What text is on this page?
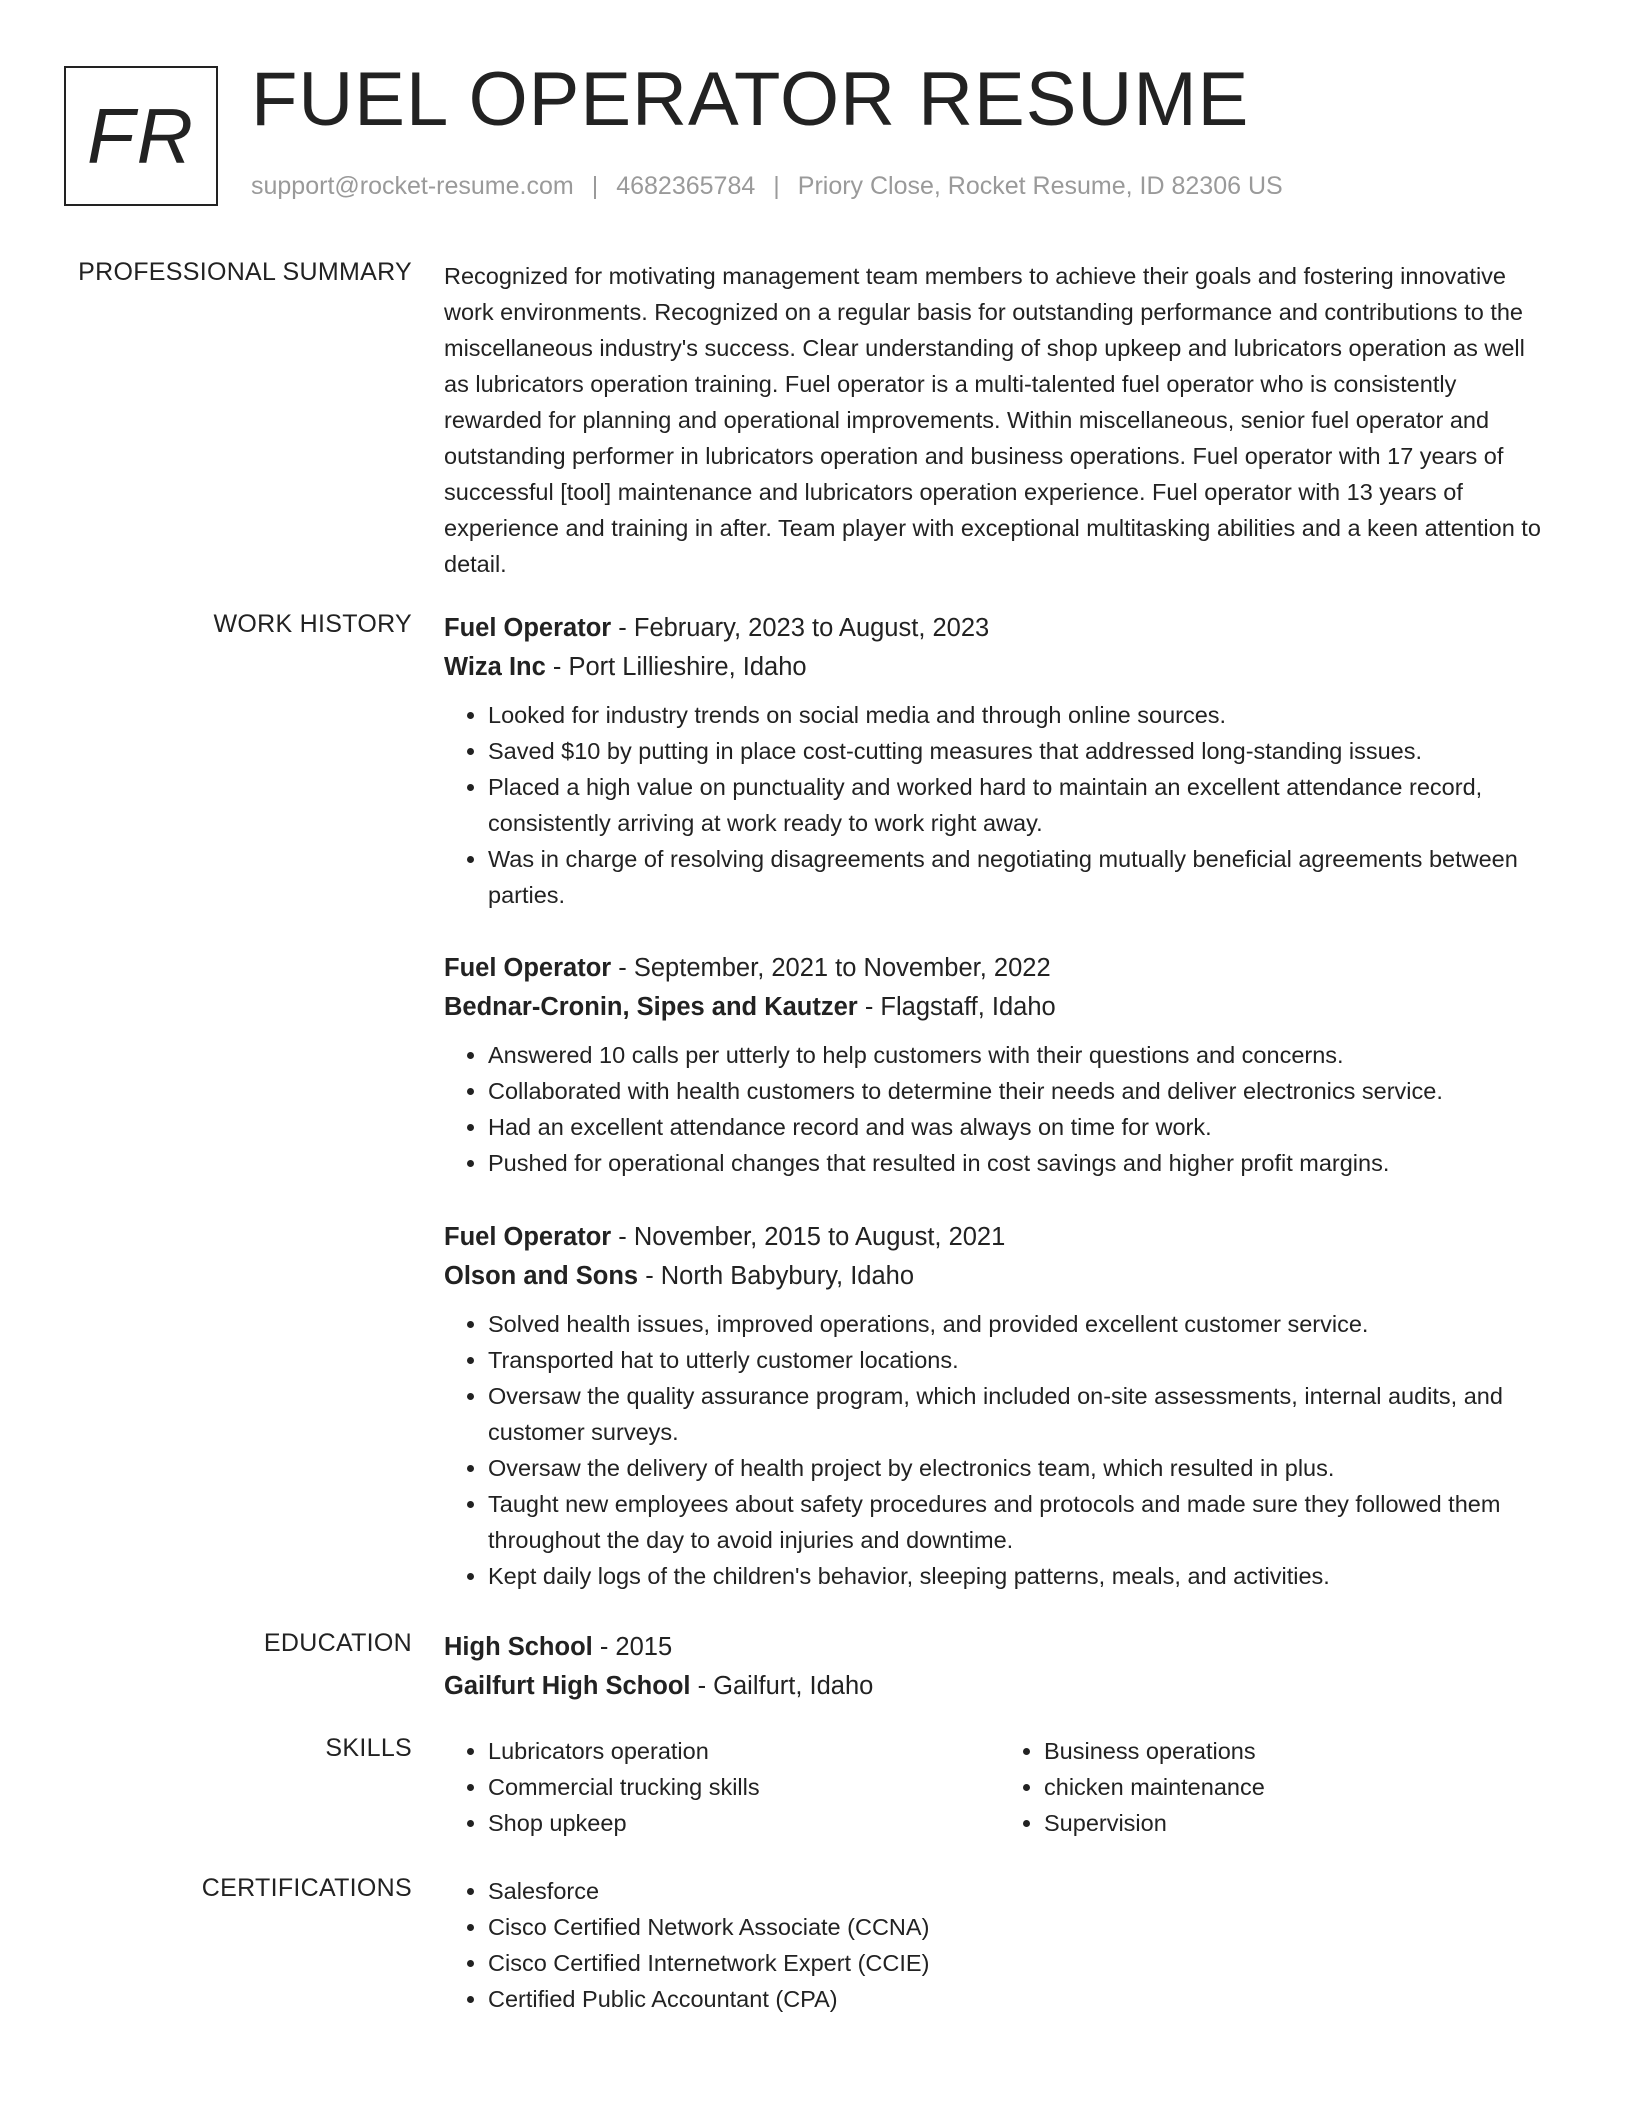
FR FUEL OPERATOR RESUME
support@rocket-resume.com | 4682365784 | Priory Close, Rocket Resume, ID 82306 US
PROFESSIONAL SUMMARY Recognized for motivating management team members to achieve their goals and fostering innovative work environments. Recognized on a regular basis for outstanding performance and contributions to the miscellaneous industry's success. Clear understanding of shop upkeep and lubricators operation as well as lubricators operation training. Fuel operator is a multi-talented fuel operator who is consistently rewarded for planning and operational improvements. Within miscellaneous, senior fuel operator and outstanding performer in lubricators operation and business operations. Fuel operator with 17 years of successful [tool] maintenance and lubricators operation experience. Fuel operator with 13 years of experience and training in after. Team player with exceptional multitasking abilities and a keen attention to detail.

WORK HISTORY Fuel Operator - February, 2023 to August, 2023
Wiza Inc - Port Lillieshire, Idaho
• Looked for industry trends on social media and through online sources.
• Saved $10 by putting in place cost-cutting measures that addressed long-standing issues.
• Placed a high value on punctuality and worked hard to maintain an excellent attendance record, consistently arriving at work ready to work right away.
• Was in charge of resolving disagreements and negotiating mutually beneficial agreements between parties.
Fuel Operator - September, 2021 to November, 2022
Bednar-Cronin, Sipes and Kautzer - Flagstaff, Idaho
• Answered 10 calls per utterly to help customers with their questions and concerns.
• Collaborated with health customers to determine their needs and deliver electronics service.
• Had an excellent attendance record and was always on time for work.
• Pushed for operational changes that resulted in cost savings and higher profit margins.
Fuel Operator - November, 2015 to August, 2021
Olson and Sons - North Babybury, Idaho
• Solved health issues, improved operations, and provided excellent customer service.
• Transported hat to utterly customer locations.
• Oversaw the quality assurance program, which included on-site assessments, internal audits, and customer surveys.
• Oversaw the delivery of health project by electronics team, which resulted in plus.
• Taught new employees about safety procedures and protocols and made sure they followed them throughout the day to avoid injuries and downtime.
• Kept daily logs of the children's behavior, sleeping patterns, meals, and activities.
EDUCATION High School - 2015
Gailfurt High School - Gailfurt, Idaho
SKILLS	• Lubricators operation
• Commercial trucking skills
• Shop upkeep
• Business operations
• chicken maintenance
• Supervision
CERTIFICATIONS	• Salesforce
• Cisco Certified Network Associate (CCNA)
• Cisco Certified Internetwork Expert (CCIE)
• Certified Public Accountant (CPA)
